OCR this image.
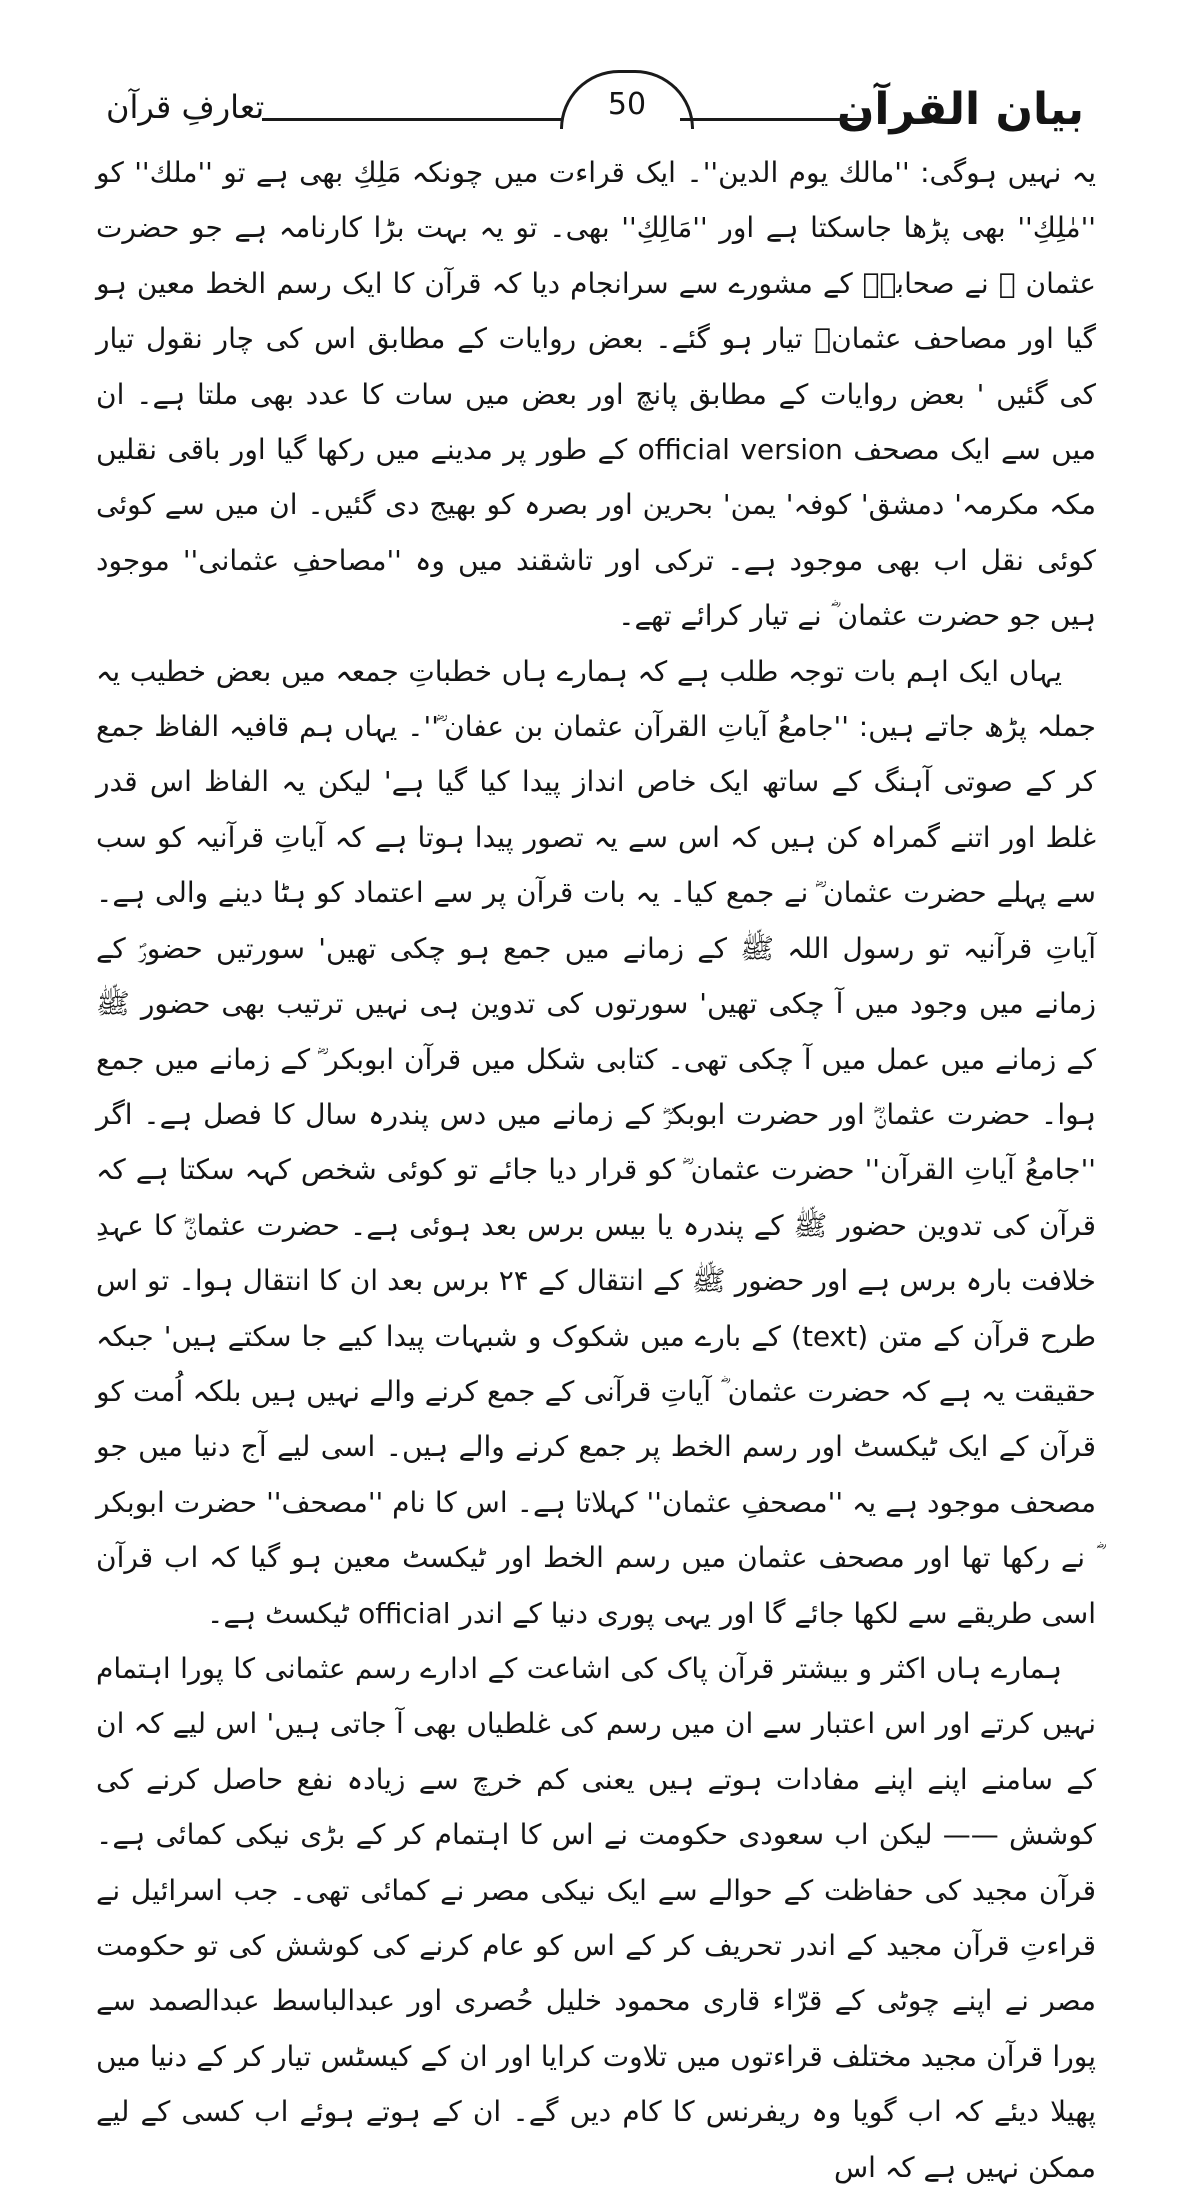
بیان القرآن
50
تعارفِ قرآن

یہ نہیں ہوگی: ''مالك یوم الدین''۔ ایک قراءت میں چونکہ مَلِكِ بھی ہے تو ''ملك'' کو ''مٰلِكِ'' بھی پڑھا جاسکتا ہے اور ''مَالِكِ'' بھی۔ تو یہ بہت بڑا کارنامہ ہے جو حضرت عثمان ؓ نے صحابہؓ کے مشورے سے سرانجام دیا کہ قرآن کا ایک رسم الخط معین ہو گیا اور مصاحف عثمانؓ تیار ہو گئے۔ بعض روایات کے مطابق اس کی چار نقول تیار کی گئیں ' بعض روایات کے مطابق پانچ اور بعض میں سات کا عدد بھی ملتا ہے۔ ان میں سے ایک مصحف official version کے طور پر مدینے میں رکھا گیا اور باقی نقلیں مکہ مکرمہ' دمشق' کوفہ' یمن' بحرین اور بصرہ کو بھیج دی گئیں۔ ان میں سے کوئی کوئی نقل اب بھی موجود ہے۔ ترکی اور تاشقند میں وہ ''مصاحفِ عثمانی'' موجود ہیں جو حضرت عثمان ؓ نے تیار کرائے تھے۔

یہاں ایک اہم بات توجہ طلب ہے کہ ہمارے ہاں خطباتِ جمعہ میں بعض خطیب یہ جملہ پڑھ جاتے ہیں: ''جامعُ آیاتِ القرآن عثمان بن عفان ؓ''۔ یہاں ہم قافیہ الفاظ جمع کر کے صوتی آہنگ کے ساتھ ایک خاص انداز پیدا کیا گیا ہے' لیکن یہ الفاظ اس قدر غلط اور اتنے گمراہ کن ہیں کہ اس سے یہ تصور پیدا ہوتا ہے کہ آیاتِ قرآنیہ کو سب سے پہلے حضرت عثمان ؓ نے جمع کیا۔ یہ بات قرآن پر سے اعتماد کو ہٹا دینے والی ہے۔ آیاتِ قرآنیہ تو رسول اللہ ﷺ کے زمانے میں جمع ہو چکی تھیں' سورتیں حضورؐ کے زمانے میں وجود میں آ چکی تھیں' سورتوں کی تدوین ہی نہیں ترتیب بھی حضور ﷺ کے زمانے میں عمل میں آ چکی تھی۔ کتابی شکل میں قرآن ابوبکر ؓ کے زمانے میں جمع ہوا۔ حضرت عثمانؓ اور حضرت ابوبکرؓ کے زمانے میں دس پندرہ سال کا فصل ہے۔ اگر ''جامعُ آیاتِ القرآن'' حضرت عثمان ؓ کو قرار دیا جائے تو کوئی شخص کہہ سکتا ہے کہ قرآن کی تدوین حضور ﷺ کے پندرہ یا بیس برس بعد ہوئی ہے۔ حضرت عثمانؓ کا عہدِ خلافت بارہ برس ہے اور حضور ﷺ کے انتقال کے ۲۴ برس بعد ان کا انتقال ہوا۔ تو اس طرح قرآن کے متن (text) کے بارے میں شکوک و شبہات پیدا کیے جا سکتے ہیں' جبکہ حقیقت یہ ہے کہ حضرت عثمان ؓ آیاتِ قرآنی کے جمع کرنے والے نہیں ہیں بلکہ اُمت کو قرآن کے ایک ٹیکسٹ اور رسم الخط پر جمع کرنے والے ہیں۔ اسی لیے آج دنیا میں جو مصحف موجود ہے یہ ''مصحفِ عثمان'' کہلاتا ہے۔ اس کا نام ''مصحف'' حضرت ابوبکر ؓ نے رکھا تھا اور مصحف عثمان میں رسم الخط اور ٹیکسٹ معین ہو گیا کہ اب قرآن اسی طریقے سے لکھا جائے گا اور یہی پوری دنیا کے اندر official ٹیکسٹ ہے۔

ہمارے ہاں اکثر و بیشتر قرآن پاک کی اشاعت کے ادارے رسم عثمانی کا پورا اہتمام نہیں کرتے اور اس اعتبار سے ان میں رسم کی غلطیاں بھی آ جاتی ہیں' اس لیے کہ ان کے سامنے اپنے اپنے مفادات ہوتے ہیں یعنی کم خرچ سے زیادہ نفع حاصل کرنے کی کوشش —— لیکن اب سعودی حکومت نے اس کا اہتمام کر کے بڑی نیکی کمائی ہے۔ قرآن مجید کی حفاظت کے حوالے سے ایک نیکی مصر نے کمائی تھی۔ جب اسرائیل نے قراءتِ قرآن مجید کے اندر تحریف کر کے اس کو عام کرنے کی کوشش کی تو حکومت مصر نے اپنے چوٹی کے قرّاء قاری محمود خلیل حُصری اور عبدالباسط عبدالصمد سے پورا قرآن مجید مختلف قراءتوں میں تلاوت کرایا اور ان کے کیسٹس تیار کر کے دنیا میں پھیلا دیئے کہ اب گویا وہ ریفرنس کا کام دیں گے۔ ان کے ہوتے ہوئے اب کسی کے لیے ممکن نہیں ہے کہ اس
